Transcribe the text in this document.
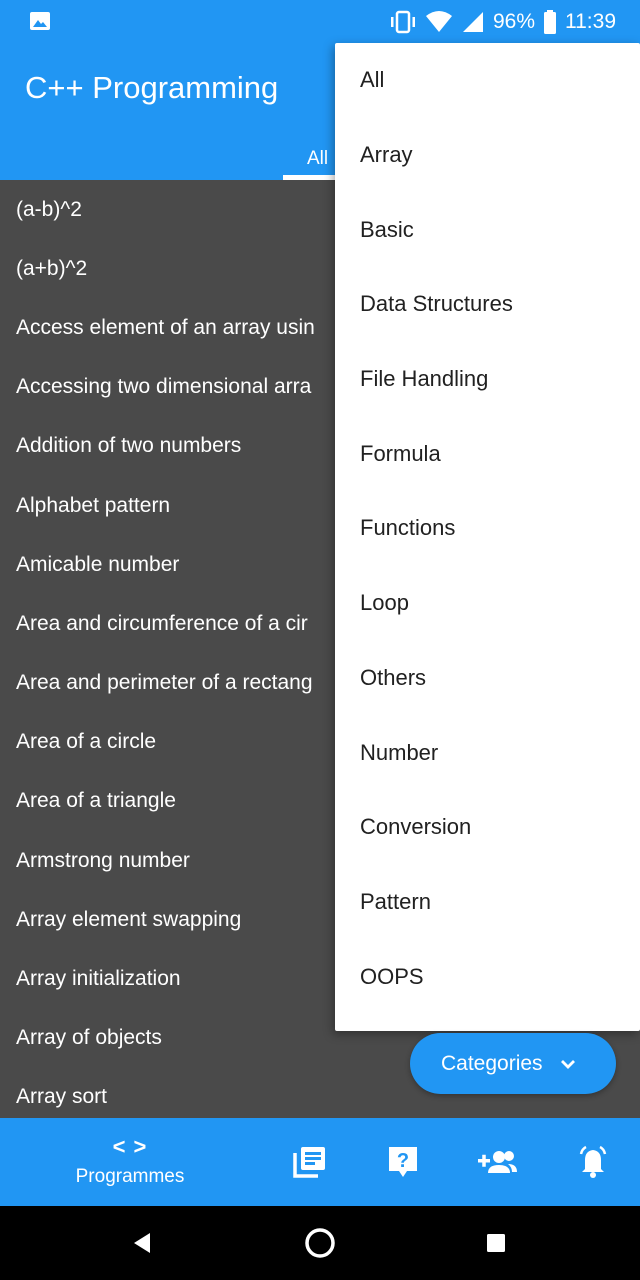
96% 11:39
C++ Programming
All
(a-b)^2
(a+b)^2
Access element of an array usin
Accessing two dimensional arra
Addition of two numbers
Alphabet pattern
Amicable number
Area and circumference of a cir
Area and perimeter of a rectang
Area of a circle
Area of a triangle
Armstrong number
Array element swapping
Array initialization
Array of objects
Array sort
All
Array
Basic
Data Structures
File Handling
Formula
Functions
Loop
Others
Number
Conversion
Pattern
OOPS
Categories
< >
Programmes
?
